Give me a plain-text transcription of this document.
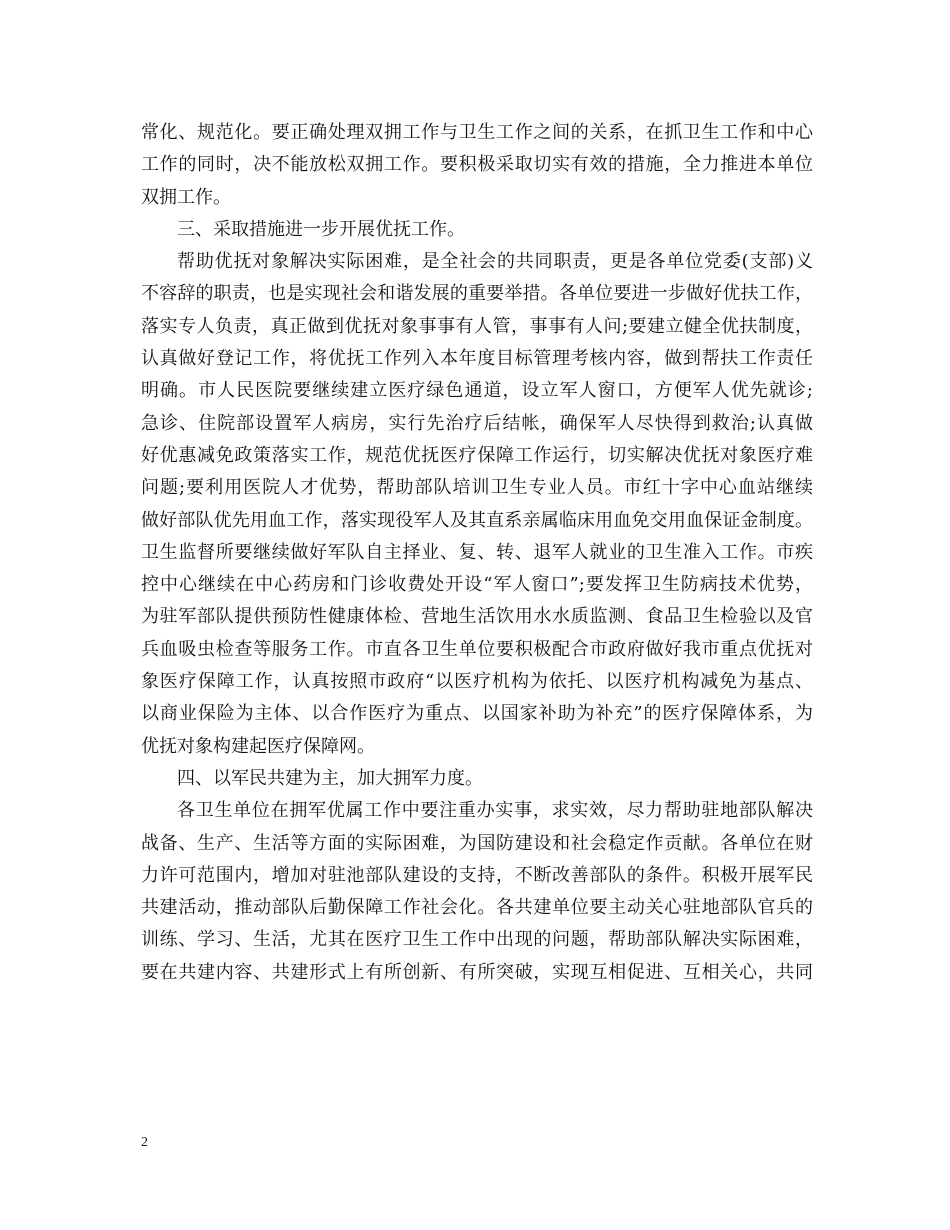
常化、规范化。要正确处理双拥工作与卫生工作之间的关系，在抓卫生工作和中心
工作的同时，决不能放松双拥工作。要积极采取切实有效的措施，全力推进本单位
双拥工作。
三、采取措施进一步开展优抚工作。
帮助优抚对象解决实际困难，是全社会的共同职责，更是各单位党委(支部)义
不容辞的职责，也是实现社会和谐发展的重要举措。各单位要进一步做好优扶工作，
落实专人负责，真正做到优抚对象事事有人管，事事有人问;要建立健全优扶制度，
认真做好登记工作，将优抚工作列入本年度目标管理考核内容，做到帮扶工作责任
明确。市人民医院要继续建立医疗绿色通道，设立军人窗口，方便军人优先就诊;
急诊、住院部设置军人病房，实行先治疗后结帐，确保军人尽快得到救治;认真做
好优惠减免政策落实工作，规范优抚医疗保障工作运行，切实解决优抚对象医疗难
问题;要利用医院人才优势，帮助部队培训卫生专业人员。市红十字中心血站继续
做好部队优先用血工作，落实现役军人及其直系亲属临床用血免交用血保证金制度。
卫生监督所要继续做好军队自主择业、复、转、退军人就业的卫生准入工作。市疾
控中心继续在中心药房和门诊收费处开设“军人窗口”;要发挥卫生防病技术优势，
为驻军部队提供预防性健康体检、营地生活饮用水水质监测、食品卫生检验以及官
兵血吸虫检查等服务工作。市直各卫生单位要积极配合市政府做好我市重点优抚对
象医疗保障工作，认真按照市政府“以医疗机构为依托、以医疗机构减免为基点、
以商业保险为主体、以合作医疗为重点、以国家补助为补充”的医疗保障体系，为
优抚对象构建起医疗保障网。
四、以军民共建为主，加大拥军力度。
各卫生单位在拥军优属工作中要注重办实事，求实效，尽力帮助驻地部队解决
战备、生产、生活等方面的实际困难，为国防建设和社会稳定作贡献。各单位在财
力许可范围内，增加对驻池部队建设的支持，不断改善部队的条件。积极开展军民
共建活动，推动部队后勤保障工作社会化。各共建单位要主动关心驻地部队官兵的
训练、学习、生活，尤其在医疗卫生工作中出现的问题，帮助部队解决实际困难，
要在共建内容、共建形式上有所创新、有所突破，实现互相促进、互相关心，共同
2
